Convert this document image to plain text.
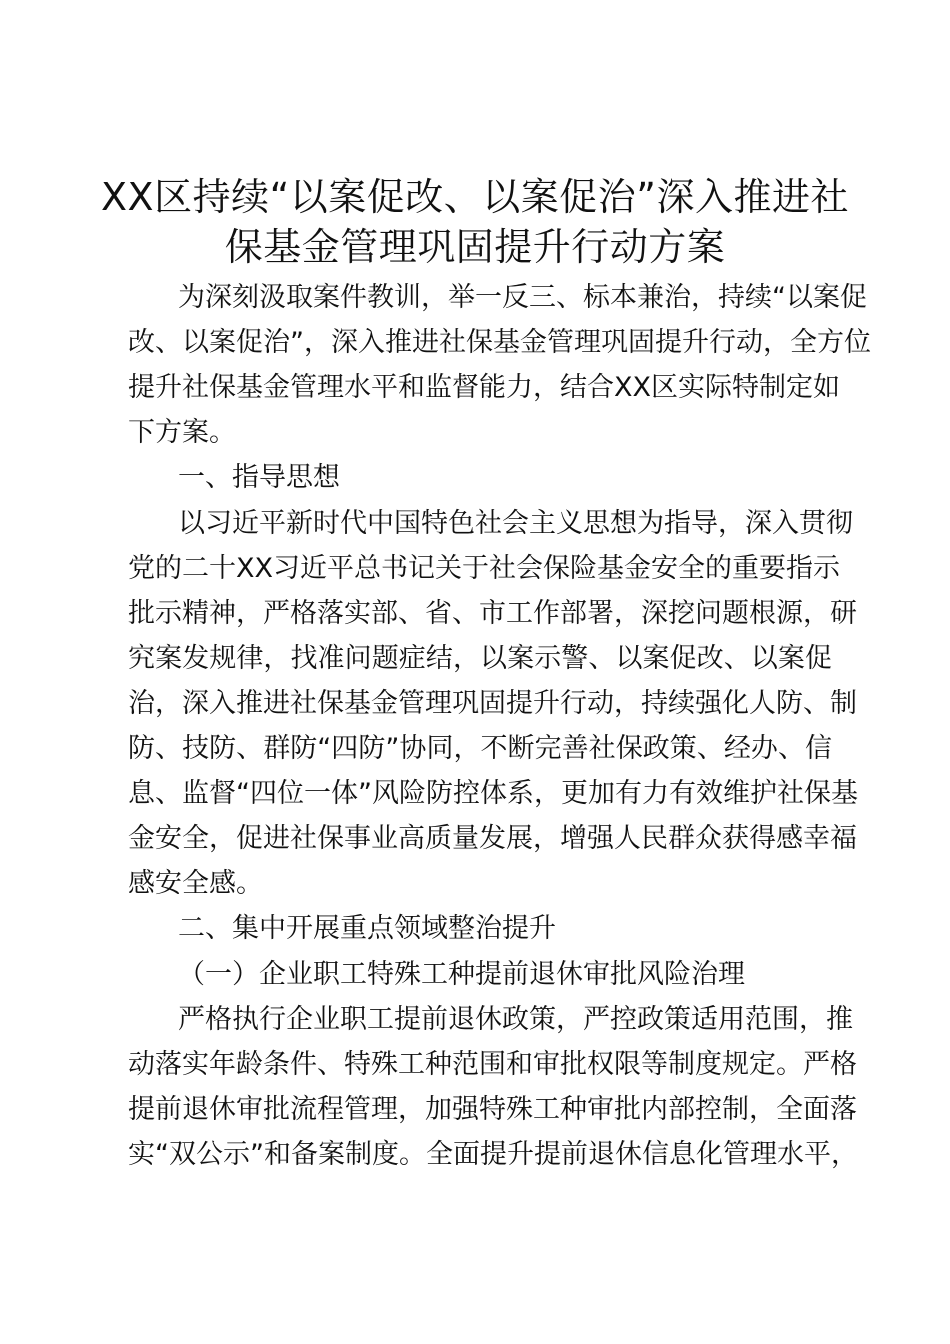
XX区持续“以案促改、以案促治”深入推进社
保基金管理巩固提升行动方案

为深刻汲取案件教训，举一反三、标本兼治，持续“以案促

改、以案促治”，深入推进社保基金管理巩固提升行动，全方位

提升社保基金管理水平和监督能力，结合XX区实际特制定如

下方案。

一、指导思想

以习近平新时代中国特色社会主义思想为指导，深入贯彻

党的二十XX习近平总书记关于社会保险基金安全的重要指示

批示精神，严格落实部、省、市工作部署，深挖问题根源，研

究案发规律，找准问题症结，以案示警、以案促改、以案促

治，深入推进社保基金管理巩固提升行动，持续强化人防、制

防、技防、群防“四防”协同，不断完善社保政策、经办、信

息、监督“四位一体”风险防控体系，更加有力有效维护社保基

金安全，促进社保事业高质量发展，增强人民群众获得感幸福

感安全感。

二、集中开展重点领域整治提升

（一）企业职工特殊工种提前退休审批风险治理

严格执行企业职工提前退休政策，严控政策适用范围，推

动落实年龄条件、特殊工种范围和审批权限等制度规定。严格

提前退休审批流程管理，加强特殊工种审批内部控制，全面落

实“双公示”和备案制度。全面提升提前退休信息化管理水平，
